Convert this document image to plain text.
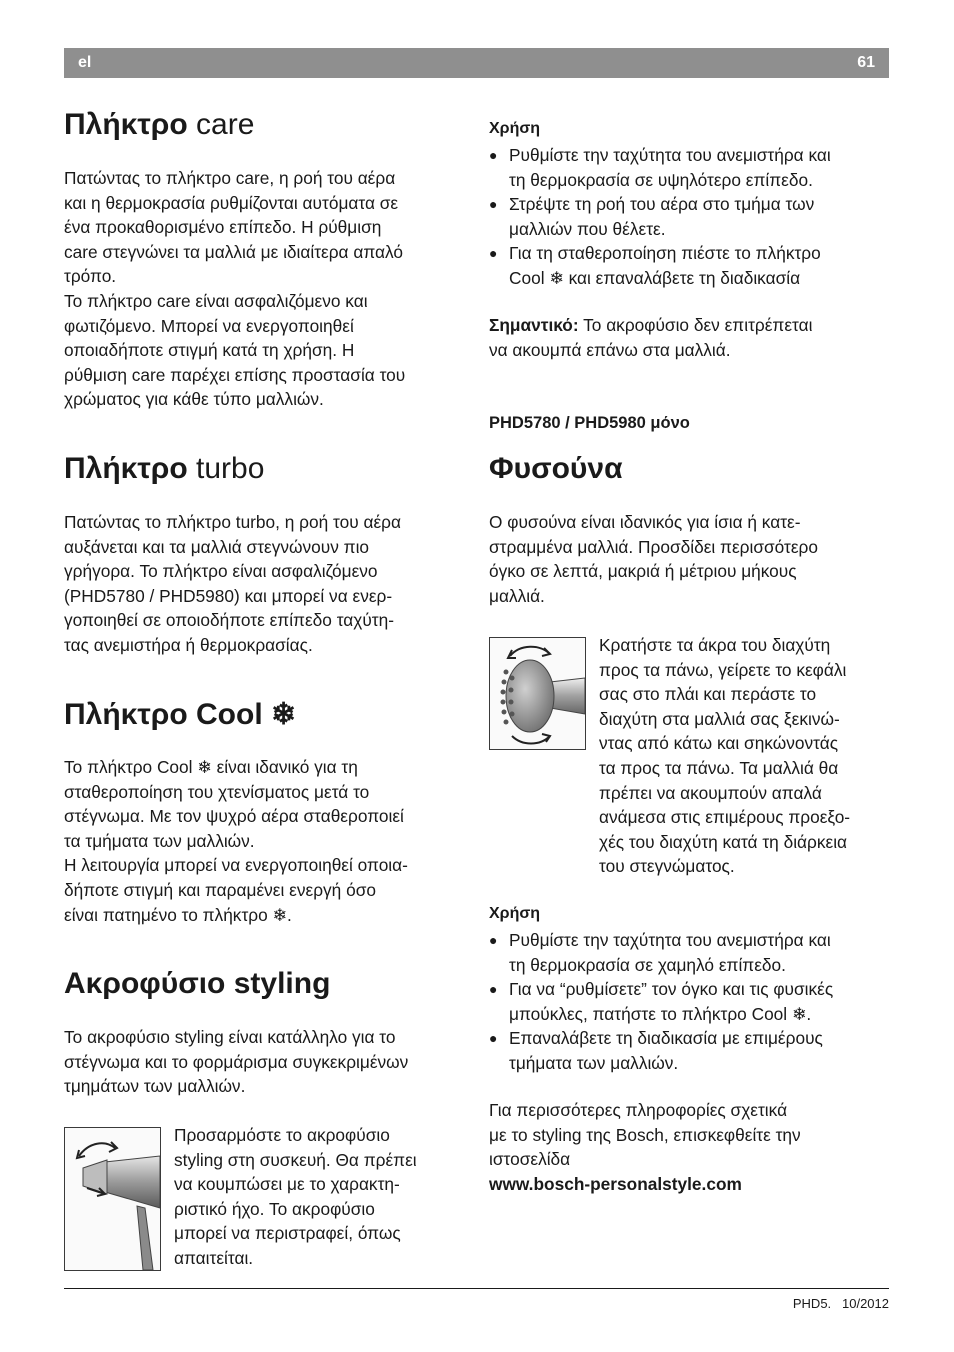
el	61
Πλήκτρο care
Πατώντας το πλήκτρο care, η ροή του αέρα
και η θερμοκρασία ρυθμίζονται αυτόματα σε
ένα προκαθορισμένο επίπεδο. Η ρύθμιση
care στεγνώνει τα μαλλιά με ιδιαίτερα απαλό
τρόπο.
Το πλήκτρο care είναι ασφαλιζόμενο και
φωτιζόμενο. Μπορεί να ενεργοποιηθεί
οποιαδήποτε στιγμή κατά τη χρήση. Η
ρύθμιση care παρέχει επίσης προστασία του
χρώματος για κάθε τύπο μαλλιών.
Πλήκτρο turbo
Πατώντας το πλήκτρο turbo, η ροή του αέρα
αυξάνεται και τα μαλλιά στεγνώνουν πιο
γρήγορα. Το πλήκτρο είναι ασφαλιζόμενο
(PHD5780 / PHD5980) και μπορεί να ενερ-
γοποιηθεί σε οποιοδήποτε επίπεδο ταχύτη-
τας ανεμιστήρα ή θερμοκρασίας.
Πλήκτρο Cool ❄
Το πλήκτρο Cool ❄ είναι ιδανικό για τη
σταθεροποίηση του χτενίσματος μετά το
στέγνωμα. Με τον ψυχρό αέρα σταθεροποιεί
τα τμήματα των μαλλιών.
Η λειτουργία μπορεί να ενεργοποιηθεί οποια-
δήποτε στιγμή και παραμένει ενεργή όσο
είναι πατημένο το πλήκτρο ❄.
Ακροφύσιο styling
Το ακροφύσιο styling είναι κατάλληλο για το
στέγνωμα και το φορμάρισμα συγκεκριμένων
τμημάτων των μαλλιών.
Προσαρμόστε το ακροφύσιο
styling στη συσκευή. Θα πρέπει
να κουμπώσει με το χαρακτη-
ριστικό ήχο. Το ακροφύσιο
μπορεί να περιστραφεί, όπως
απαιτείται.
Χρήση
● Ρυθμίστε την ταχύτητα του ανεμιστήρα και
τη θερμοκρασία σε υψηλότερο επίπεδο.
● Στρέψτε τη ροή του αέρα στο τμήμα των
μαλλιών που θέλετε.
● Για τη σταθεροποίηση πιέστε το πλήκτρο
Cool ❄ και επαναλάβετε τη διαδικασία
Σημαντικό: Το ακροφύσιο δεν επιτρέπεται
να ακουμπά επάνω στα μαλλιά.
PHD5780 / PHD5980 μόνο
Φυσούνα
Ο φυσούνα είναι ιδανικός για ίσια ή κατε-
στραμμένα μαλλιά. Προσδίδει περισσότερο
όγκο σε λεπτά, μακριά ή μέτριου μήκους
μαλλιά.
Κρατήστε τα άκρα του διαχύτη
προς τα πάνω, γείρετε το κεφάλι
σας στο πλάι και περάστε το
διαχύτη στα μαλλιά σας ξεκινώ-
ντας από κάτω και σηκώνοντάς
τα προς τα πάνω. Τα μαλλιά θα
πρέπει να ακουμπούν απαλά
ανάμεσα στις επιμέρους προεξο-
χές του διαχύτη κατά τη διάρκεια
του στεγνώματος.
Χρήση
● Ρυθμίστε την ταχύτητα του ανεμιστήρα και
τη θερμοκρασία σε χαμηλό επίπεδο.
● Για να “ρυθμίσετε” τον όγκο και τις φυσικές
μπούκλες, πατήστε το πλήκτρο Cool ❄.
● Επαναλάβετε τη διαδικασία με επιμέρους
τμήματα των μαλλιών.
Για περισσότερες πληροφορίες σχετικά
με το styling της Bosch, επισκεφθείτε την
ιστοσελίδα
www.bosch-personalstyle.com
PHD5.   10/2012
